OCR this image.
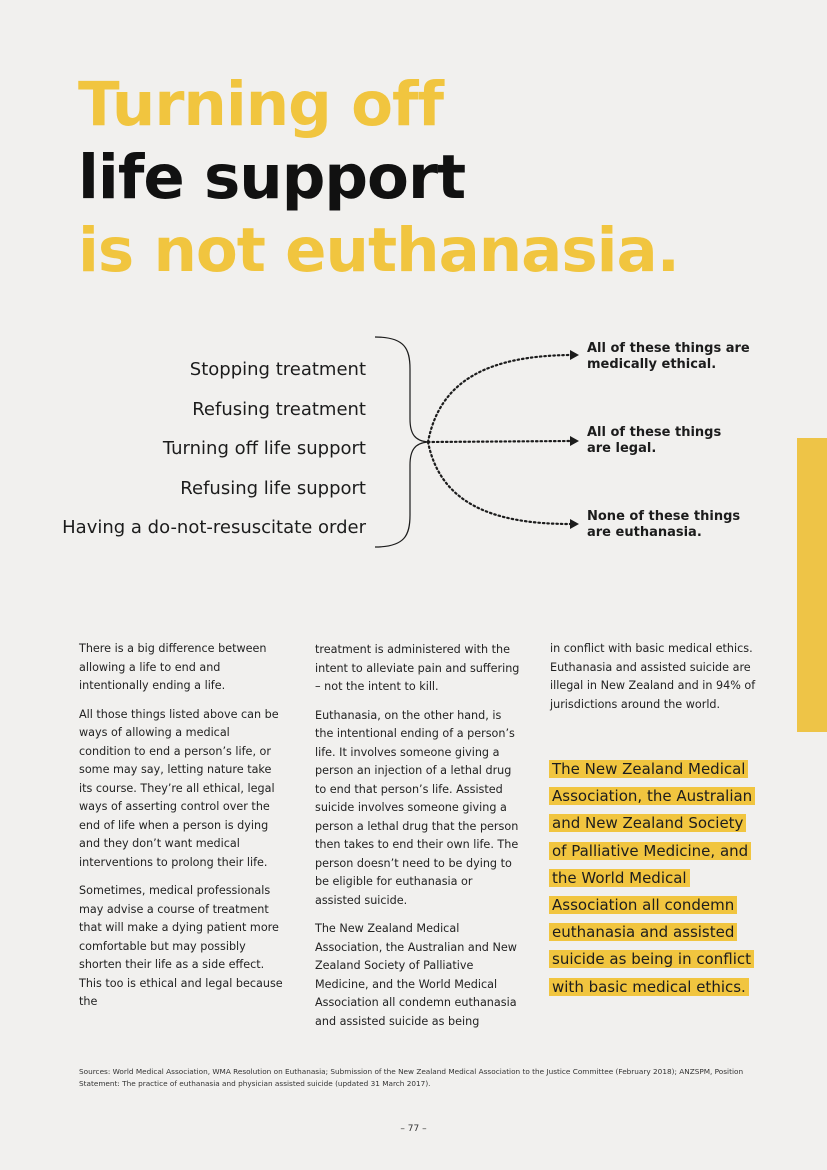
Turning off
life support
is not euthanasia.
Stopping treatment
Refusing treatment
Turning off life support
Refusing life support
Having a do-not-resuscitate order
All of these things are
medically ethical.
All of these things
are legal.
None of these things
are euthanasia.

There is a big difference between allowing a life to end and intentionally ending a life.

All those things listed above can be ways of allowing a medical condition to end a person’s life, or some may say, letting nature take its course. They’re all ethical, legal ways of asserting control over the end of life when a person is dying and they don’t want medical interventions to prolong their life.

Sometimes, medical professionals may advise a course of treatment that will make a dying patient more comfortable but may possibly shorten their life as a side effect. This too is ethical and legal because the

treatment is administered with the intent to alleviate pain and suffering – not the intent to kill.

Euthanasia, on the other hand, is the intentional ending of a person’s life. It involves someone giving a person an injection of a lethal drug to end that person’s life. Assisted suicide involves someone giving a person a lethal drug that the person then takes to end their own life. The person doesn’t need to be dying to be eligible for euthanasia or assisted suicide.

The New Zealand Medical Association, the Australian and New Zealand Society of Palliative Medicine, and the World Medical Association all condemn euthanasia and assisted suicide as being

in conflict with basic medical ethics. Euthanasia and assisted suicide are illegal in New Zealand and in 94% of jurisdictions around the world.

The New Zealand Medical Association, the Australian and New Zealand Society of Palliative Medicine, and the World Medical Association all condemn euthanasia and assisted suicide as being in conflict with basic medical ethics.
Sources: World Medical Association, WMA Resolution on Euthanasia; Submission of the New Zealand Medical Association to the Justice Committee (February 2018); ANZSPM, Position Statement: The practice of euthanasia and physician assisted suicide (updated 31 March 2017).
– 77 –
